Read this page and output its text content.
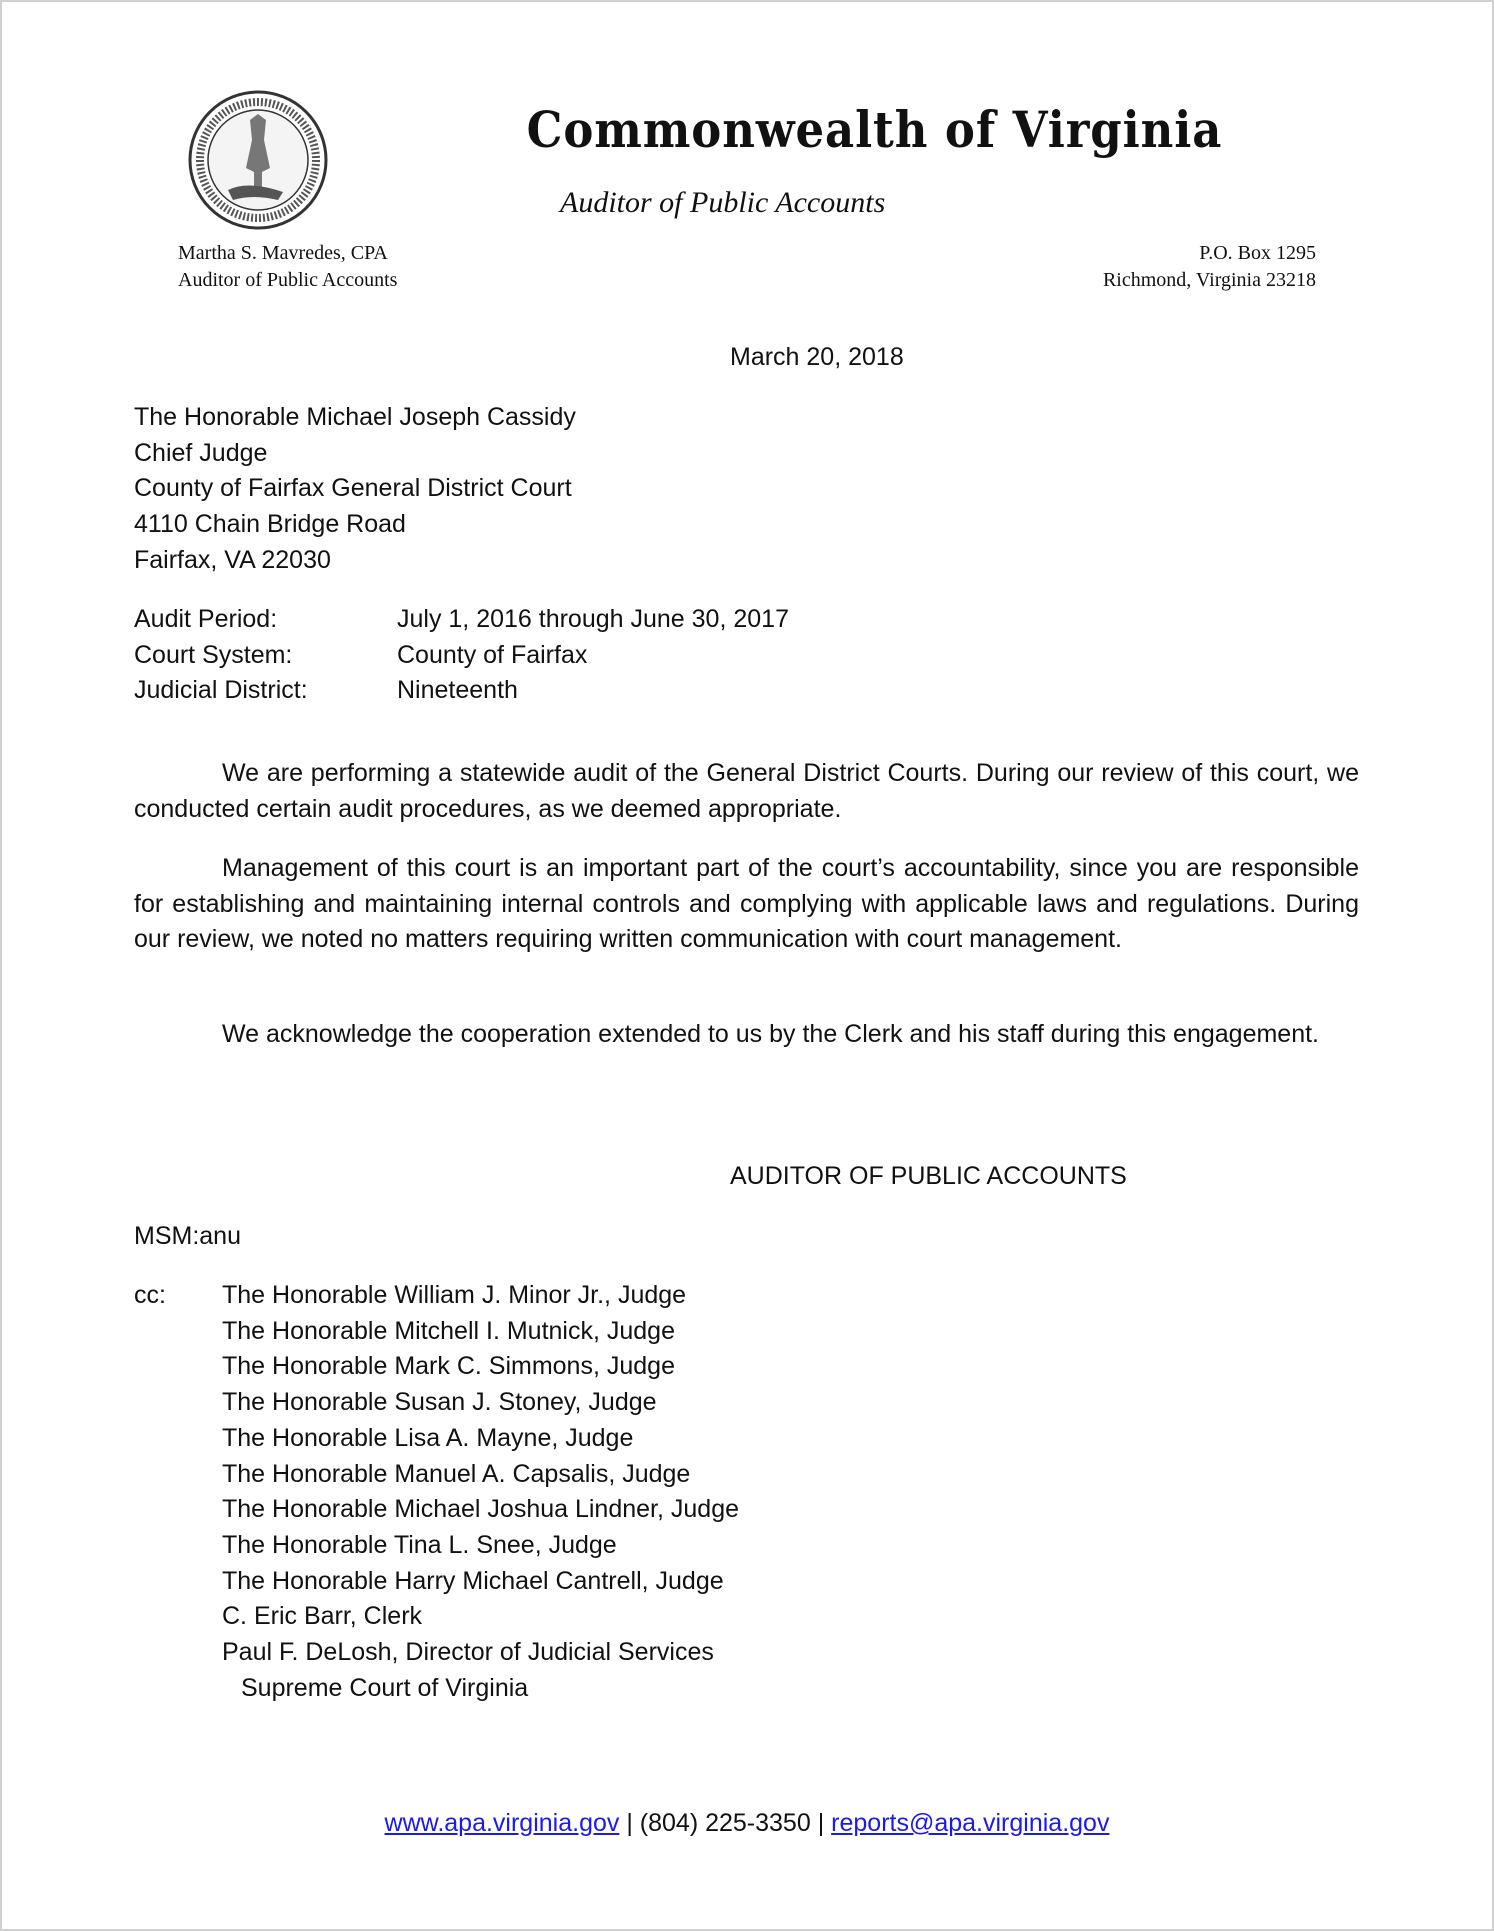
Commonwealth of Virginia
Auditor of Public Accounts
Martha S. Mavredes, CPA
Auditor of Public Accounts
P.O. Box 1295
Richmond, Virginia 23218
March 20, 2018
The Honorable Michael Joseph Cassidy
Chief Judge
County of Fairfax General District Court
4110 Chain Bridge Road
Fairfax, VA 22030
Audit Period:	July 1, 2016 through June 30, 2017
Court System:	County of Fairfax
Judicial District:	Nineteenth
We are performing a statewide audit of the General District Courts. During our review of this court, we conducted certain audit procedures, as we deemed appropriate.
Management of this court is an important part of the court’s accountability, since you are responsible for establishing and maintaining internal controls and complying with applicable laws and regulations. During our review, we noted no matters requiring written communication with court management.
We acknowledge the cooperation extended to us by the Clerk and his staff during this engagement.
AUDITOR OF PUBLIC ACCOUNTS
MSM:anu
cc:	The Honorable William J. Minor Jr., Judge
The Honorable Mitchell I. Mutnick, Judge
The Honorable Mark C. Simmons, Judge
The Honorable Susan J. Stoney, Judge
The Honorable Lisa A. Mayne, Judge
The Honorable Manuel A. Capsalis, Judge
The Honorable Michael Joshua Lindner, Judge
The Honorable Tina L. Snee, Judge
The Honorable Harry Michael Cantrell, Judge
C. Eric Barr, Clerk
Paul F. DeLosh, Director of Judicial Services
Supreme Court of Virginia
www.apa.virginia.gov | (804) 225-3350 | reports@apa.virginia.gov
